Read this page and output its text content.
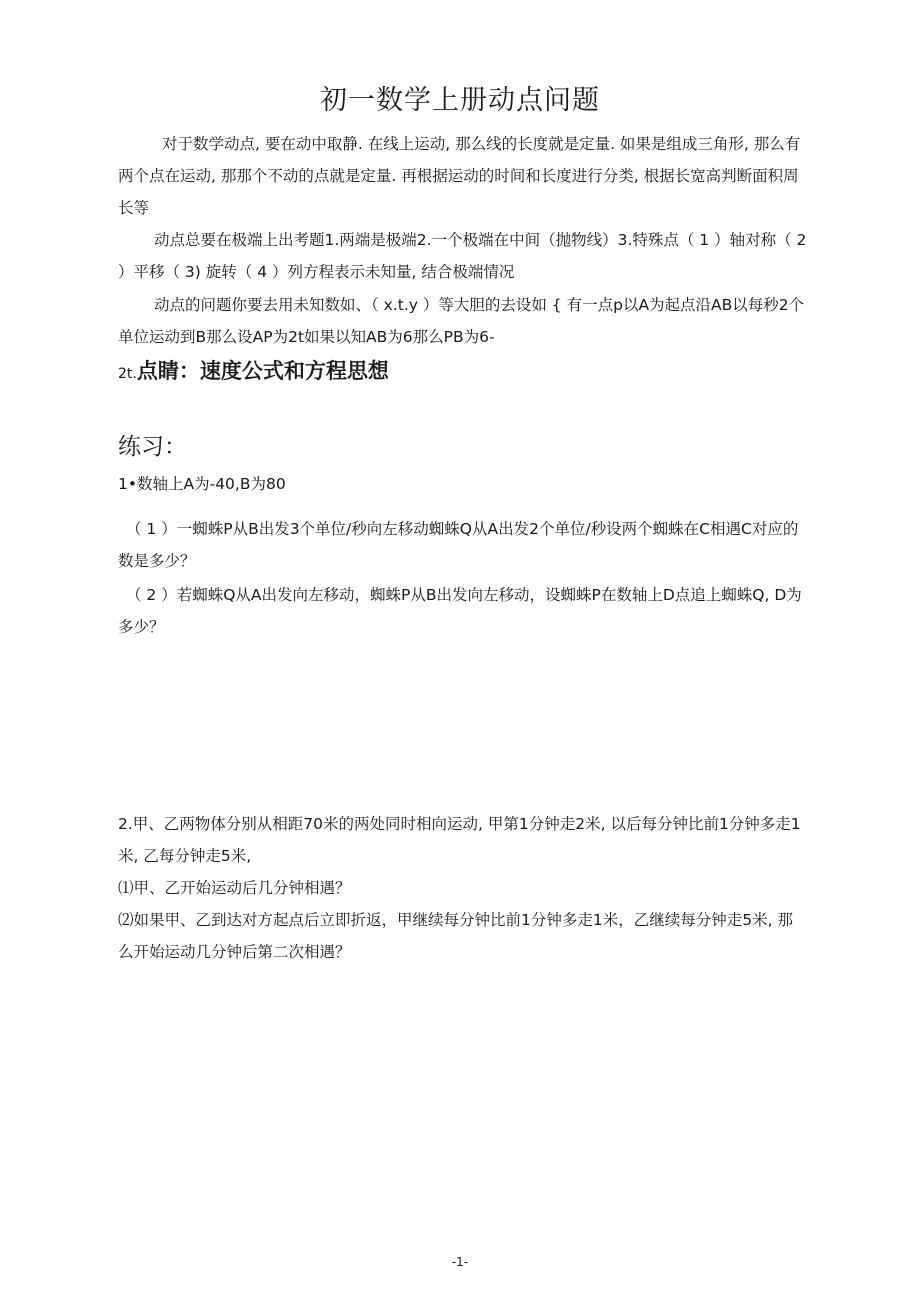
初一数学上册动点问题
对于数学动点, 要在动中取静. 在线上运动, 那么线的长度就是定量. 如果是组成三角形, 那么有两个点在运动, 那那个不动的点就是定量. 再根据运动的时间和长度进行分类, 根据长宽高判断面积周长等
动点总要在极端上出考题1.两端是极端2.一个极端在中间（抛物线）3.特殊点（ 1 ）轴对称（ 2 ）平移（ 3) 旋转（ 4 ）列方程表示未知量, 结合极端情况
动点的问题你要去用未知数如、（ x.t.y ）等大胆的去设如 { 有一点p以A为起点沿AB以每秒2个单位运动到B那么设AP为2t如果以知AB为6那么PB为6-
2t.点睛：速度公式和方程思想
练习：
1•数轴上A为-40,B为80
（ 1 ）一蜘蛛P从B出发3个单位/秒向左移动蜘蛛Q从A出发2个单位/秒设两个蜘蛛在C相遇C对应的数是多少？
（ 2 ）若蜘蛛Q从A出发向左移动，蜘蛛P从B出发向左移动，设蜘蛛P在数轴上D点追上蜘蛛Q, D为多少？
2.甲、乙两物体分别从相距70米的两处同时相向运动, 甲第1分钟走2米, 以后每分钟比前1分钟多走1米, 乙每分钟走5米,
⑴甲、乙开始运动后几分钟相遇？
⑵如果甲、乙到达对方起点后立即折返，甲继续每分钟比前1分钟多走1米，乙继续每分钟走5米, 那么开始运动几分钟后第二次相遇？
-1-
